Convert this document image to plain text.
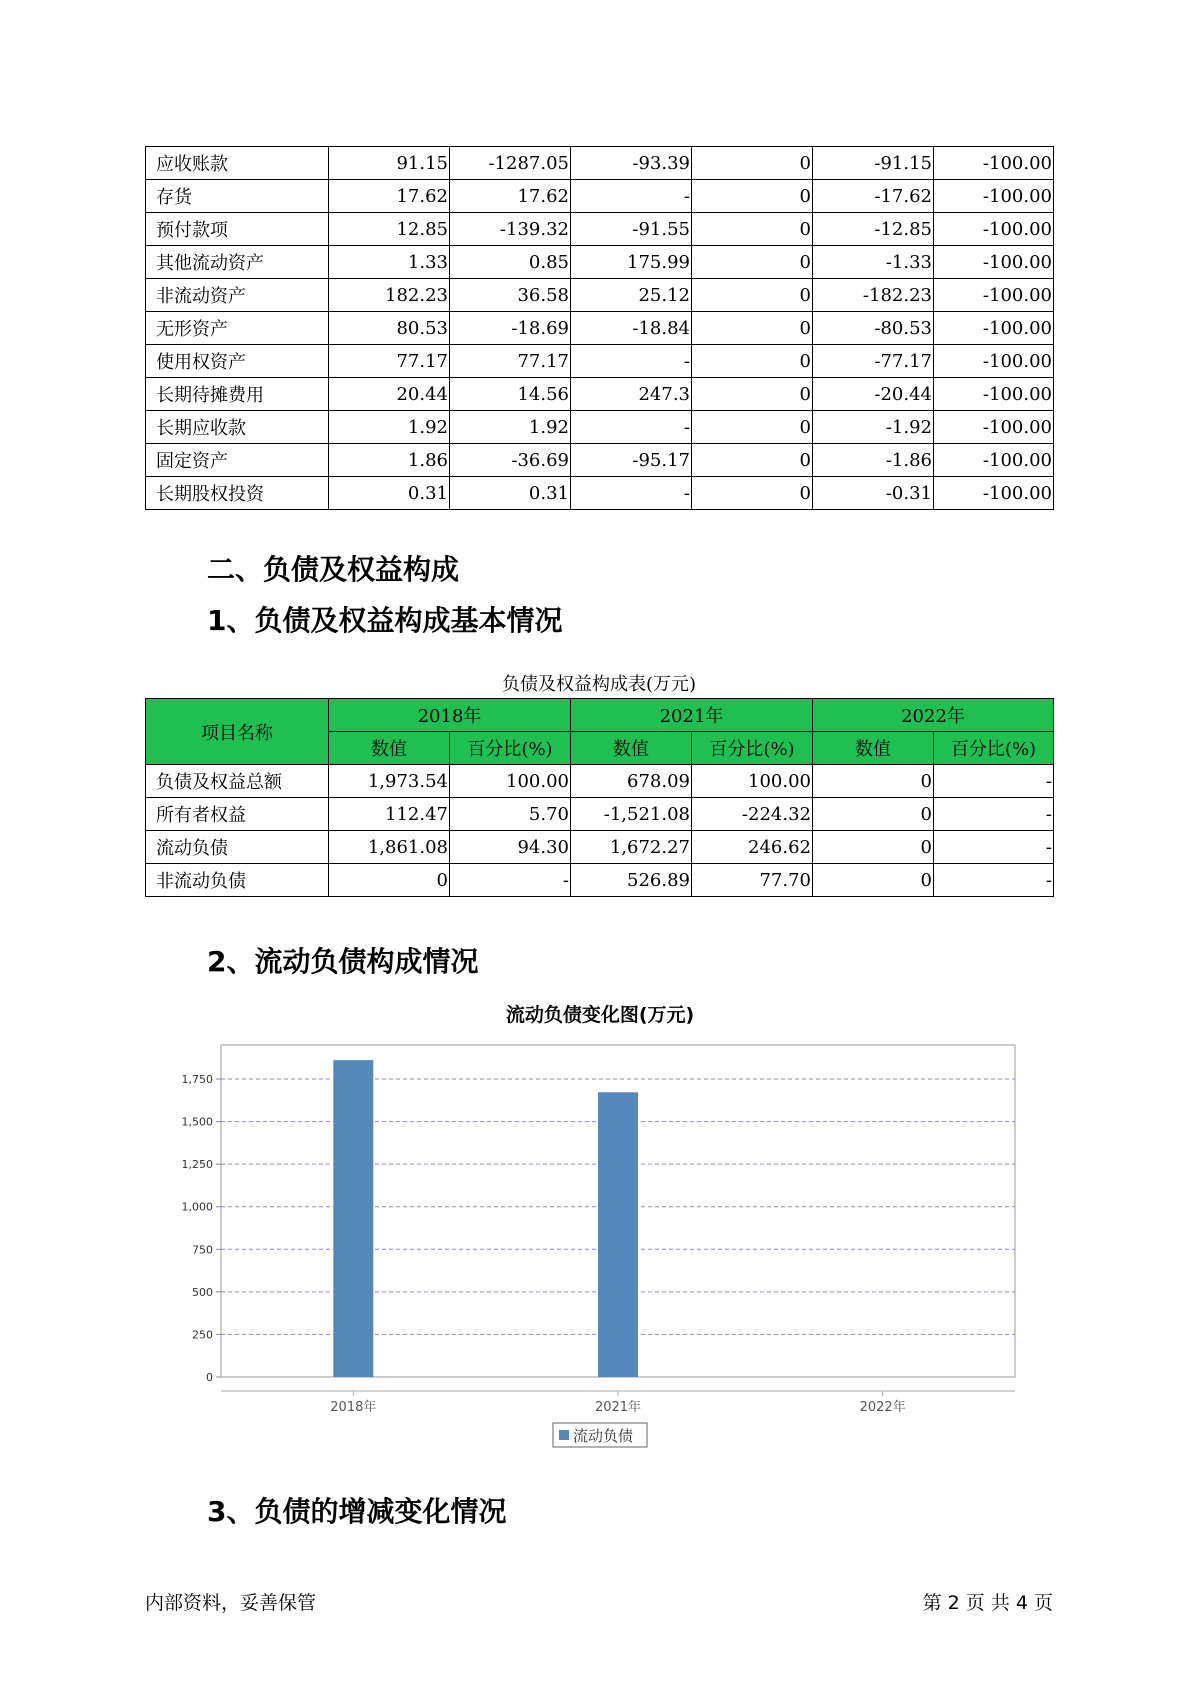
应收账款	91.15	-1287.05	-93.39	0	-91.15	-100.00
存货	17.62	17.62	-	0	-17.62	-100.00
预付款项	12.85	-139.32	-91.55	0	-12.85	-100.00
其他流动资产	1.33	0.85	175.99	0	-1.33	-100.00
非流动资产	182.23	36.58	25.12	0	-182.23	-100.00
无形资产	80.53	-18.69	-18.84	0	-80.53	-100.00
使用权资产	77.17	77.17	-	0	-77.17	-100.00
长期待摊费用	20.44	14.56	247.3	0	-20.44	-100.00
长期应收款	1.92	1.92	-	0	-1.92	-100.00
固定资产	1.86	-36.69	-95.17	0	-1.86	-100.00
长期股权投资	0.31	0.31	-	0	-0.31	-100.00
二、负债及权益构成
1、负债及权益构成基本情况
负债及权益构成表(万元)
项目名称	2018年		2021年		2022年	
	数值	百分比(%)	数值	百分比(%)	数值	百分比(%)
负债及权益总额	1,973.54	100.00	678.09	100.00	0	-
所有者权益	112.47	5.70	-1,521.08	-224.32	0	-
流动负债	1,861.08	94.30	1,672.27	246.62	0	-
非流动负债	0	-	526.89	77.70	0	-
2、流动负债构成情况
流动负债变化图(万元)
0
250
500
750
1,000
1,250
1,500
1,750
2018年	2021年	2022年
流动负债
3、负债的增减变化情况
内部资料，妥善保管	第 2 页 共 4 页
